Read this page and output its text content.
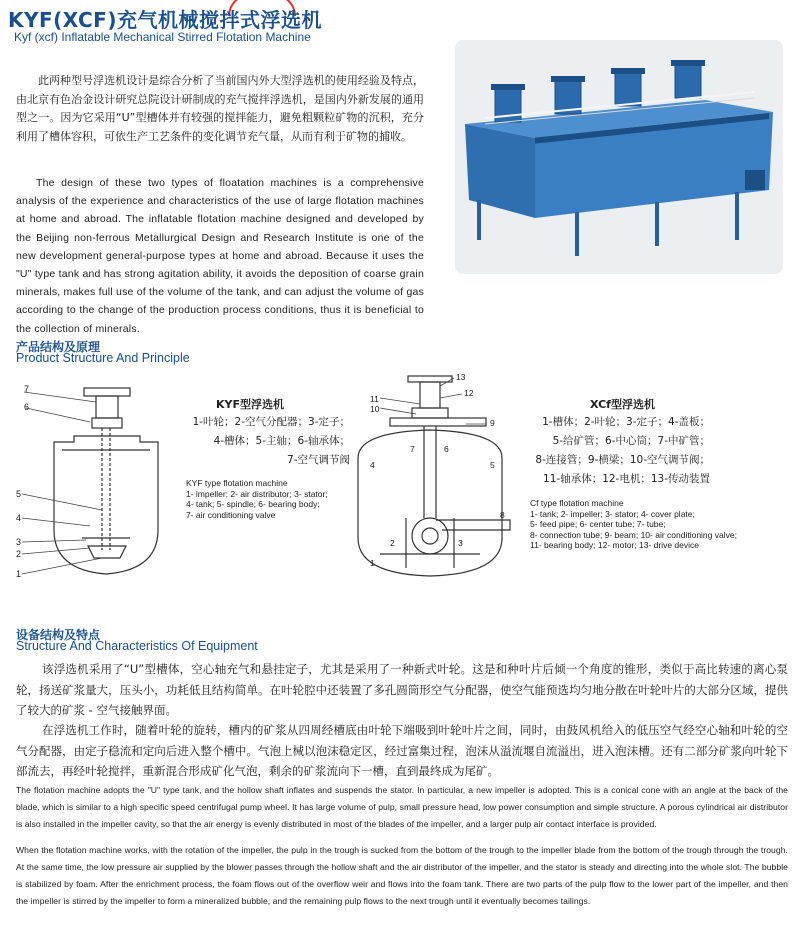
KYF(XCF)充气机械搅拌式浮选机
Kyf (xcf) Inflatable Mechanical Stirred Flotation Machine
此两种型号浮选机设计是综合分析了当前国内外大型浮选机的使用经验及特点，由北京有色冶金设计研究总院设计研制成的充气搅拌浮选机，是国内外新发展的通用型之一。因为它采用“U”型槽体并有较强的搅拌能力，避免粗颗粒矿物的沉积，充分利用了槽体容积，可依生产工艺条件的变化调节充气量，从而有利于矿物的捕收。
The design of these two types of floatation machines is a comprehensive analysis of the experience and characteristics of the use of large flotation machines at home and abroad. The inflatable flotation machine designed and developed by the Beijing non-ferrous Metallurgical Design and Research Institute is one of the new development general-purpose types at home and abroad. Because it uses the "U" type tank and has strong agitation ability, it avoids the deposition of coarse grain minerals, makes full use of the volume of the tank, and can adjust the volume of gas according to the change of the production process conditions, thus it is beneficial to the collection of minerals.
产品结构及原理
Product Structure And Principle
7
6
5
4
3
2
1
KYF型浮选机
1-叶轮；2-空气分配器；3-定子；
4-槽体；5-主轴；6-轴承体；
7-空气调节阀
KYF type flotation machine
1- impeller; 2- air distributor; 3- stator;
4- tank; 5- spindle; 6- bearing body;
7- air conditioning valve
13
12
11
10
9
8
7	6
5
4
3
2
1
XCf型浮选机
1-槽体；2-叶轮；3-定子；4-盖板；
5-给矿管；6-中心筒；7-中矿管；
8-连接管；9-横梁；10-空气调节阀；
11-轴承体；12-电机；13-传动装置
Cf type flotation machine
1- tank; 2- impeller; 3- stator; 4- cover plate;
5- feed pipe; 6- center tube; 7- tube;
8- connection tube; 9- beam; 10- air conditioning valve;
11- bearing body; 12- motor; 13- drive device
设备结构及特点
Structure And Characteristics Of Equipment
该浮选机采用了“U”型槽体，空心轴充气和悬挂定子，尤其是采用了一种新式叶轮。这是和种叶片后倾一个角度的锥形，类似于高比转速的离心泵轮，扬送矿浆量大，压头小，功耗低且结构简单。在叶轮腔中还装置了多孔圆筒形空气分配器，使空气能预选均匀地分散在叶轮叶片的大部分区域，提供了较大的矿浆 - 空气接触界面。
在浮选机工作时，随着叶轮的旋转，槽内的矿浆从四周经槽底由叶轮下端吸到叶轮叶片之间，同时，由鼓风机给入的低压空气经空心轴和叶轮的空气分配器，由定子稳流和定向后进入整个槽中。气泡上械以泡沫稳定区，经过富集过程，泡沫从溢流堰自流溢出，进入泡沫槽。还有二部分矿浆向叶轮下部流去，再经叶轮搅拌，重新混合形成矿化气泡，剩余的矿浆流向下一槽，直到最终成为尾矿。
The flotation machine adopts the "U" type tank, and the hollow shaft inflates and suspends the stator. In particular, a new impeller is adopted. This is a conical cone with an angle at the back of the blade, which is similar to a high specific speed centrifugal pump wheel. It has large volume of pulp, small pressure head, low power consumption and simple structure. A porous cylindrical air distributor is also installed in the impeller cavity, so that the air energy is evenly distributed in most of the blades of the impeller, and a larger pulp air contact interface is provided.
When the flotation machine works, with the rotation of the impeller, the pulp in the trough is sucked from the bottom of the trough to the impeller blade from the bottom of the trough through the trough. At the same time, the low pressure air supplied by the blower passes through the hollow shaft and the air distributor of the impeller, and the stator is steady and directing into the whole slot. The bubble is stabilized by foam. After the enrichment process, the foam flows out of the overflow weir and flows into the foam tank. There are two parts of the pulp flow to the lower part of the impeller, and then the impeller is stirred by the impeller to form a mineralized bubble, and the remaining pulp flows to the next trough until it eventually becomes tailings.
